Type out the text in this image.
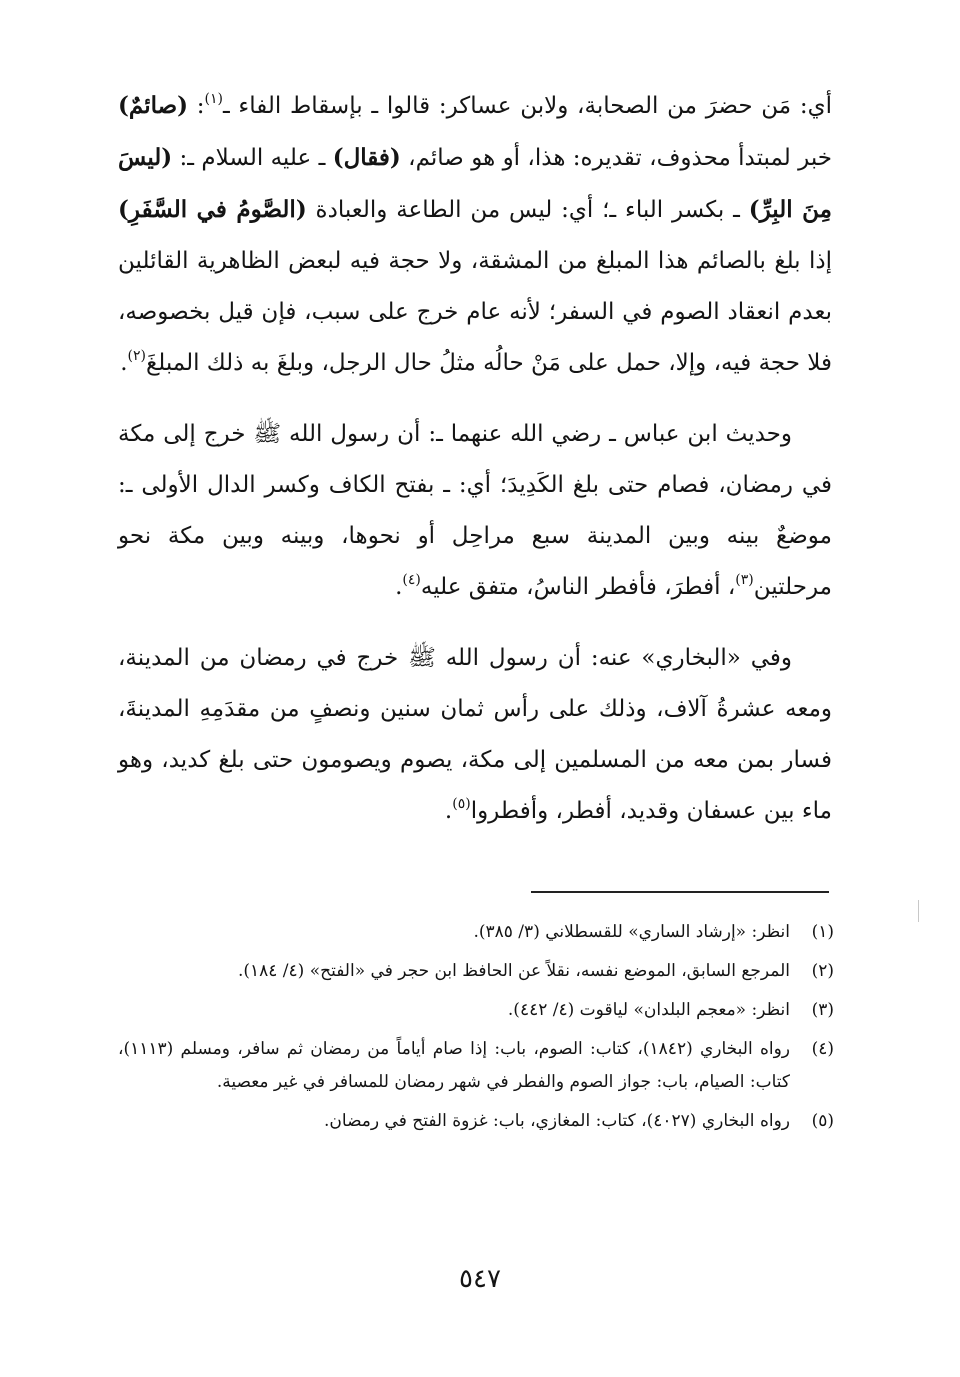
أي: مَن حضرَ من الصحابة، ولابن عساكر: قالوا ـ بإسقاط الفاء ـ$^{(١)}$: (صائمٌ) خبر لمبتدأ محذوف، تقديره: هذا، أو هو صائم، (فقال) ـ عليه السلام ـ: (ليسَ مِنَ البِرِّ) ـ بكسر الباء ـ؛ أي: ليس من الطاعة والعبادة (الصَّومُ في السَّفَرِ) إذا بلغ بالصائم هذا المبلغ من المشقة، ولا حجة فيه لبعض الظاهرية القائلين بعدم انعقاد الصوم في السفر؛ لأنه عام خرج على سبب، فإن قيل بخصوصه، فلا حجة فيه، وإلا، حمل على مَنْ حالُه مثلُ حال الرجل، وبلغَ به ذلك المبلغَ$^{(٢)}$.

وحديث ابن عباس ـ رضي الله عنهما ـ: أن رسول الله ﷺ خرج إلى مكة في رمضان، فصام حتى بلغ الكَدِيدَ؛ أي: ـ بفتح الكاف وكسر الدال الأولى ـ: موضعٌ بينه وبين المدينة سبع مراحِل أو نحوها، وبينه وبين مكة نحو مرحلتين$^{(٣)}$، أفطرَ، فأفطر الناسُ، متفق عليه$^{(٤)}$.

وفي «البخاري» عنه: أن رسول الله ﷺ خرج في رمضان من المدينة، ومعه عشرةُ آلاف، وذلك على رأس ثمان سنين ونصفٍ من مقدَمِهِ المدينةَ، فسار بمن معه من المسلمين إلى مكة، يصوم ويصومون حتى بلغ كديد، وهو ماء بين عسفان وقديد، أفطر، وأفطروا$^{(٥)}$.

(١)
انظر: «إرشاد الساري» للقسطلاني (٣/ ٣٨٥).
(٢)
المرجع السابق، الموضع نفسه، نقلاً عن الحافظ ابن حجر في «الفتح» (٤/ ١٨٤).
(٣)
انظر: «معجم البلدان» لياقوت (٤/ ٤٤٢).
(٤)
رواه البخاري (١٨٤٢)، كتاب: الصوم، باب: إذا صام أياماً من رمضان ثم سافر، ومسلم (١١١٣)، كتاب: الصيام، باب: جواز الصوم والفطر في شهر رمضان للمسافر في غير معصية.
(٥)
رواه البخاري (٤٠٢٧)، كتاب: المغازي، باب: غزوة الفتح في رمضان.
٥٤٧
